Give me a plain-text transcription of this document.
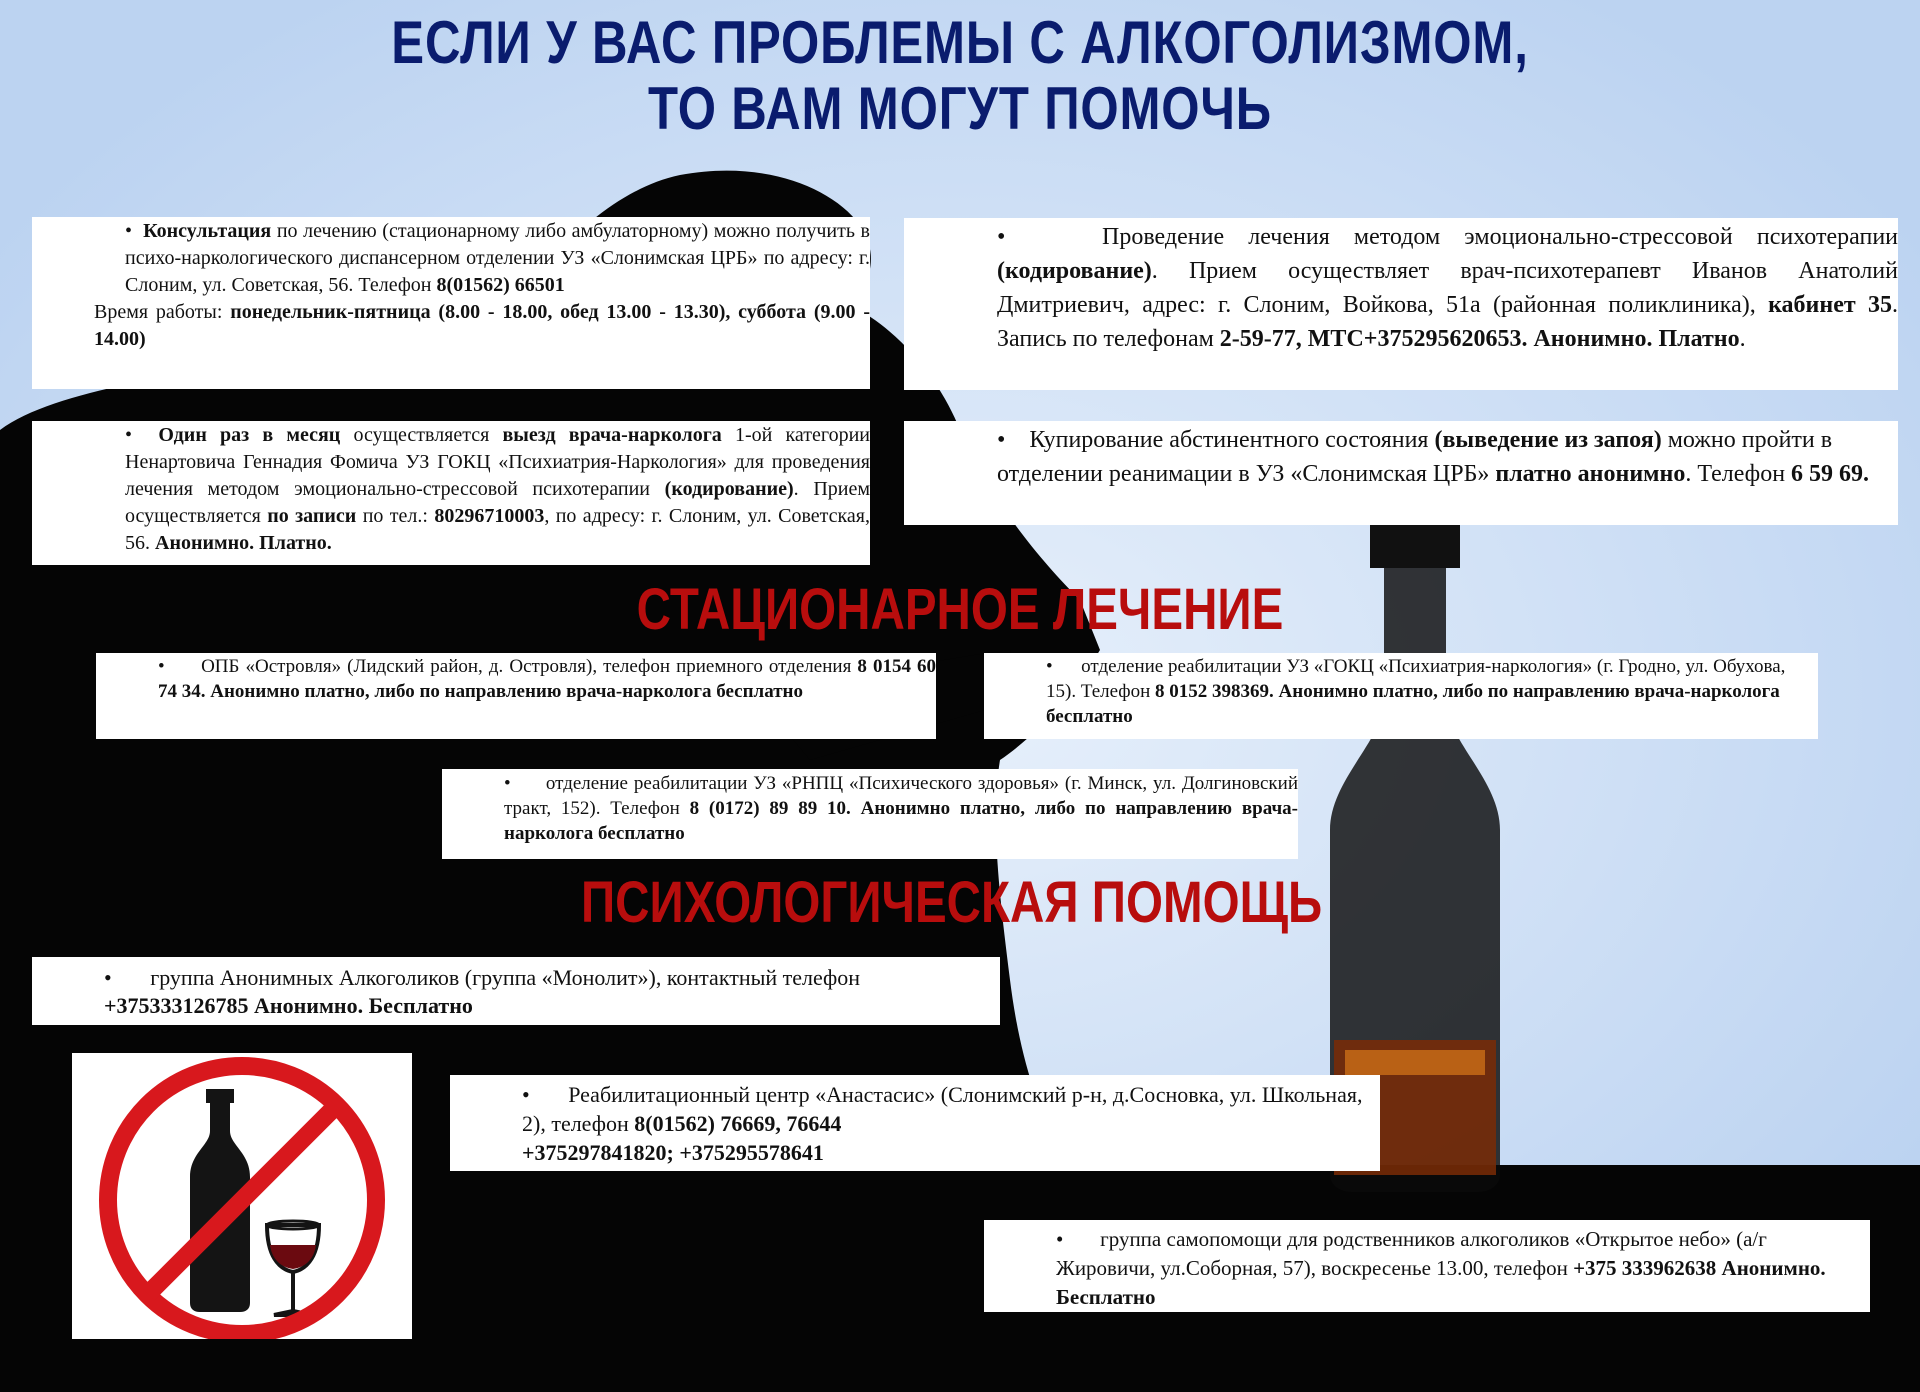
ЕСЛИ У ВАС ПРОБЛЕМЫ С АЛКОГОЛИЗМОМ,
ТО ВАМ МОГУТ ПОМОЧЬ

• Консультация по лечению (стационарному либо амбулаторному) можно получить в психо-наркологического диспансерном отделении УЗ «Слонимская ЦРБ» по адресу: г. Слоним, ул. Советская, 56. Телефон 8(01562) 66501

Время работы: понедельник-пятница (8.00 - 18.00, обед 13.00 - 13.30), суббота (9.00 - 14.00)

•	Проведение лечения методом эмоционально-стрессовой психотерапии (кодирование). Прием осуществляет врач-психотерапевт Иванов Анатолий Дмитриевич, адрес: г. Слоним, Войкова, 51а (районная поликлиника), кабинет 35. Запись по телефонам 2-59-77, МТС+375295620653. Анонимно. Платно.

• Один раз в месяц осуществляется выезд врача-нарколога 1-ой категории Ненартовича Геннадия Фомича УЗ ГОКЦ «Психиатрия-Наркология» для проведения лечения методом эмоционально-стрессовой психотерапии (кодирование). Прием осуществляется по записи по тел.: 80296710003, по адресу: г. Слоним, ул. Советская, 56. Анонимно. Платно.

• Купирование абстинентного состояния (выведение из запоя) можно пройти в отделении реанимации в УЗ «Слонимская ЦРБ» платно анонимно. Телефон 6 59 69.

СТАЦИОНАРНОЕ ЛЕЧЕНИЕ

• ОПБ «Островля» (Лидский район, д. Островля), телефон приемного отделения 8 0154 60 74 34. Анонимно платно, либо по направлению врача-нарколога бесплатно

• отделение реабилитации УЗ «ГОКЦ «Психиатрия-наркология» (г. Гродно, ул. Обухова, 15). Телефон 8 0152 398369. Анонимно платно, либо по направлению врача-нарколога бесплатно

• отделение реабилитации УЗ «РНПЦ «Психического здоровья» (г. Минск, ул. Долгиновский тракт, 152). Телефон 8 (0172) 89 89 10. Анонимно платно, либо по направлению врача-нарколога бесплатно

ПСИХОЛОГИЧЕСКАЯ ПОМОЩЬ

• группа Анонимных Алкоголиков (группа «Монолит»), контактный телефон +375333126785 Анонимно. Бесплатно

• Реабилитационный центр «Анастасис» (Слонимский р-н, д.Сосновка, ул. Школьная, 2), телефон 8(01562) 76669, 76644

+375297841820; +375295578641

• группа самопомощи для родственников алкоголиков «Открытое небо» (а/г Жировичи, ул.Соборная, 57), воскресенье 13.00, телефон +375 333962638 Анонимно. Бесплатно
